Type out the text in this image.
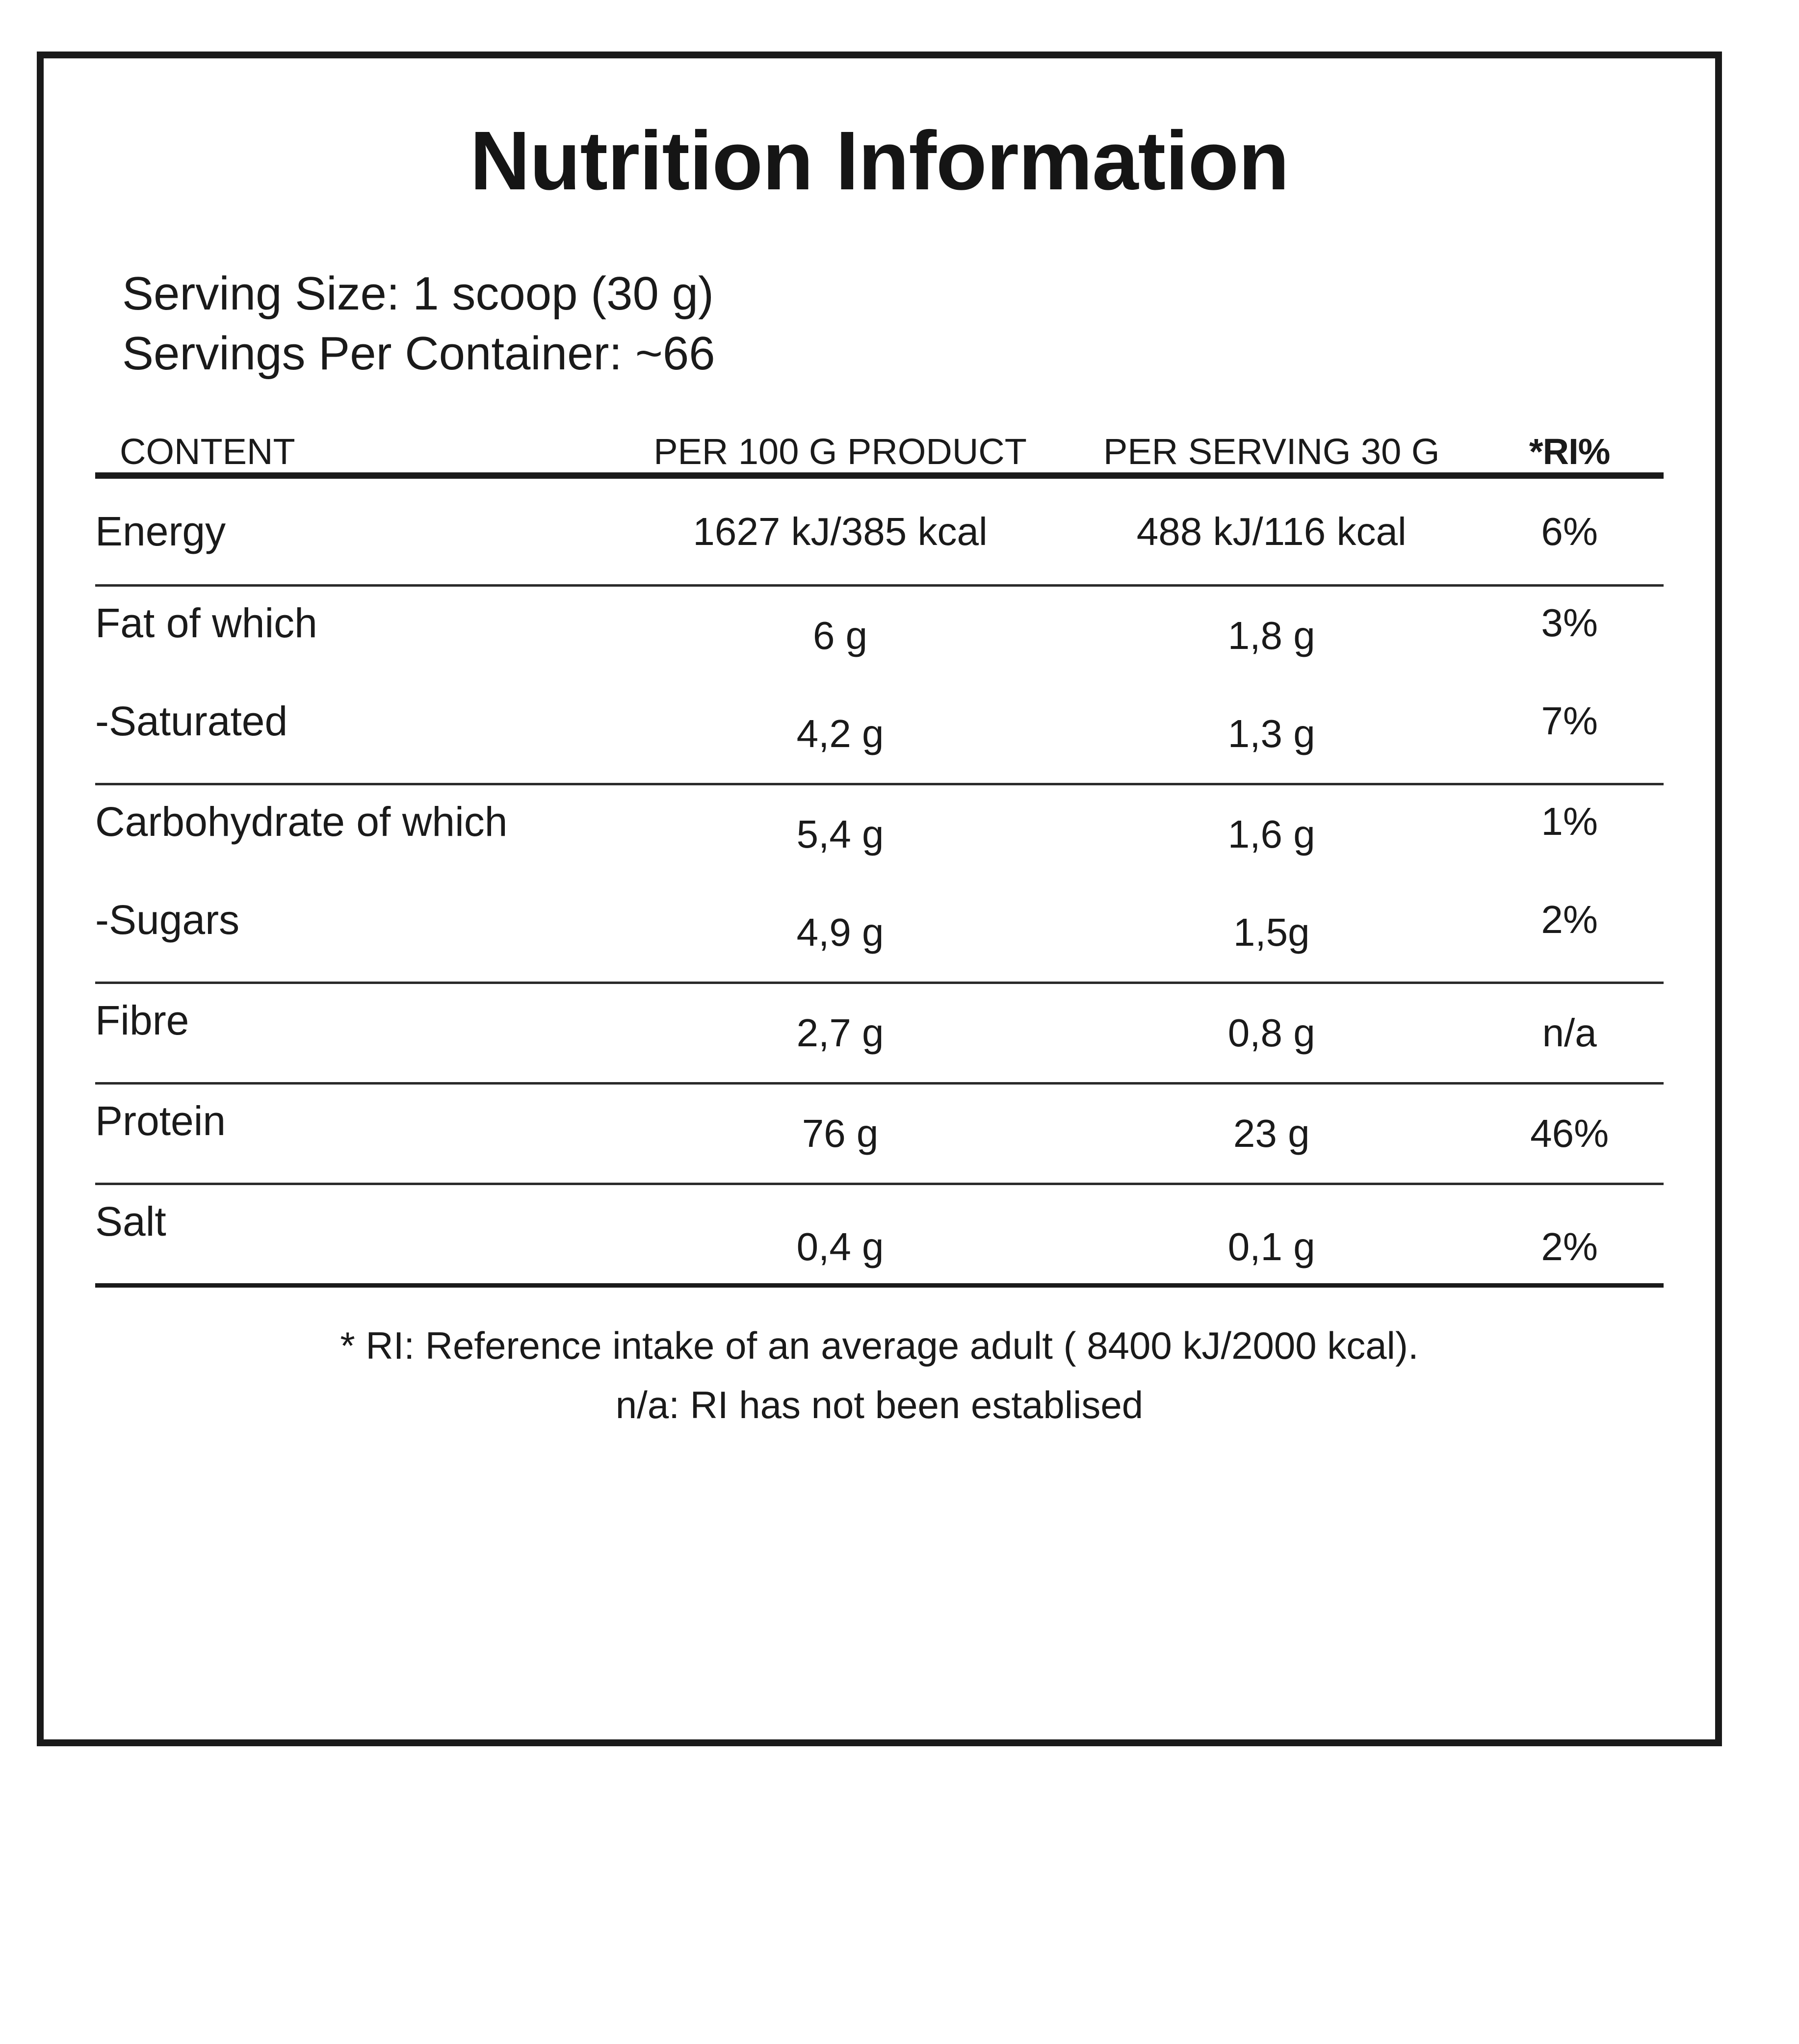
Nutrition Information
Serving Size: 1 scoop (30 g)
Servings Per Container: ~66
CONTENT	PER 100 G PRODUCT	PER SERVING 30 G	*RI%
Energy	1627 kJ/385 kcal	488 kJ/116 kcal	6%
Fat of which	6 g	1,8 g	3%
-Saturated	4,2 g	1,3 g	7%
Carbohydrate of which	5,4 g	1,6 g	1%
-Sugars	4,9 g	1,5g	2%
Fibre	2,7 g	0,8 g	n/a
Protein	76 g	23 g	46%
Salt	0,4 g	0,1 g	2%
* RI: Reference intake of an average adult ( 8400 kJ/2000 kcal).
n/a: RI has not been establised
